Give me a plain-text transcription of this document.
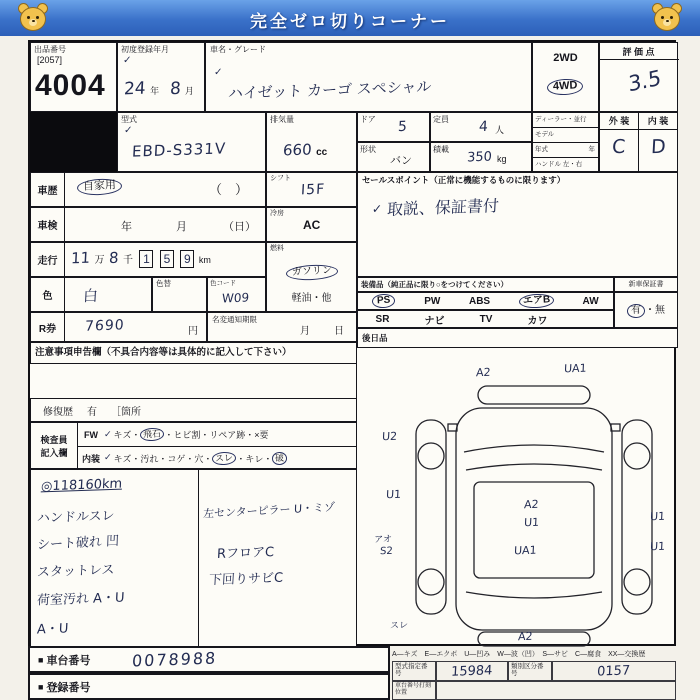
完全ゼロ切りコーナー
出品番号
[2057]
4004
初度登録年月
✓
24 年 8 月
車名・グレード
✓
ハイゼット カーゴ スペシャル
2WD
4WD
評 価 点
3.5
型式
✓
EBD-S331V
排気量
660 cc
ドア 5
形状
バン
定員 4 人
積載
350 kg
ディーラー・並行
モデル
年式	年
ハンドル 左・右
外 装	内 装
C	D
車歴	自家用	（　）
シフト
I5F
セールスポイント（正常に機能するものに限ります）
✓ 取説、保証書付
車検	年	月	（日）
冷房
AC
走行 11 万 8 千 1 5 9 km
燃料
ガソリン
軽油・他
色	白
色替	色コード
W09
R券	7690	円
名変通知期限
月 日
装備品（純正品に限り○をつけてください）	新車保証書
PS	PW	ABS	エアB	AW
SR	ナビ	TV	カワ
有 ・無
後日品
注意事項申告欄（不具合内容等は具体的に記入して下さい）
修復歴 有 ［箇所
検査員
記入欄
FW ✓ キズ・ 飛石 ・ヒビ割・リペア跡・×要
内装 ✓ キズ・汚れ・コゲ・穴・ スレ ・キレ・ 破
◎118160km
ハンドルスレ
シート破れ 凹
スタットレス
荷室汚れ A・U
A・U
左センターピラー U・ミゾ
RフロアC
下回りサビC
A2	UA1
U2
U1
A2
U1
UA1
U1
U1
アオ
S2
スレ
A2
■ 車台番号	0078988
■ 登録番号
A―キズ　E―エクボ　U―凹み　W―波（凹）　S―サビ　C―腐食　XX―交換歴
型式指定番号	15984	類別区分番号	0157
車台番号打刻位置
